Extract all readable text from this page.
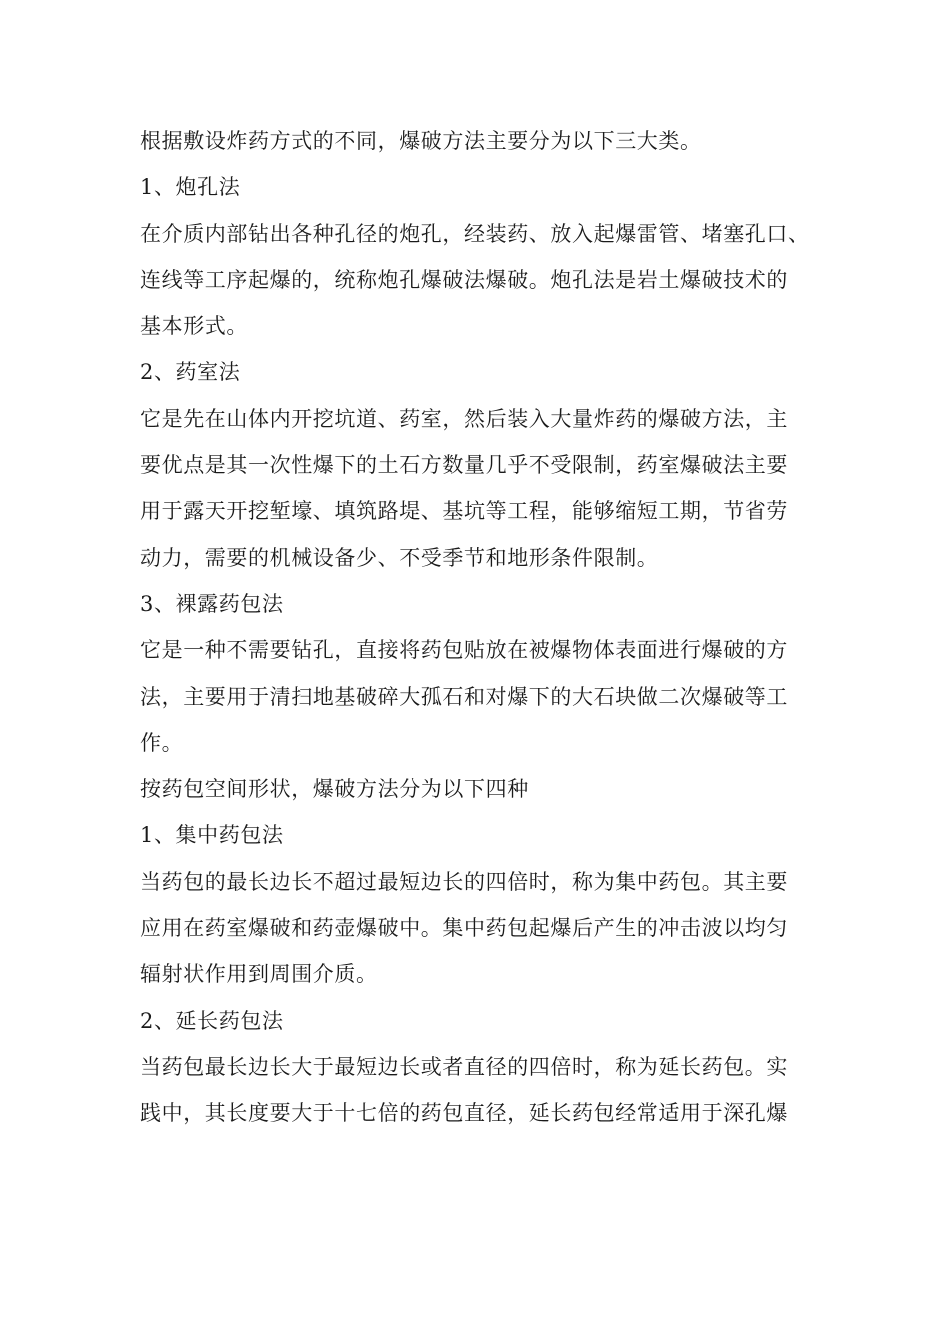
根据敷设炸药方式的不同，爆破方法主要分为以下三大类。

1、炮孔法

在介质内部钻出各种孔径的炮孔，经装药、放入起爆雷管、堵塞孔口、
连线等工序起爆的，统称炮孔爆破法爆破。炮孔法是岩土爆破技术的
基本形式。

2、药室法

它是先在山体内开挖坑道、药室，然后装入大量炸药的爆破方法，主
要优点是其一次性爆下的土石方数量几乎不受限制，药室爆破法主要
用于露天开挖堑壕、填筑路堤、基坑等工程，能够缩短工期，节省劳
动力，需要的机械设备少、不受季节和地形条件限制。

3、裸露药包法

它是一种不需要钻孔，直接将药包贴放在被爆物体表面进行爆破的方
法，主要用于清扫地基破碎大孤石和对爆下的大石块做二次爆破等工
作。

按药包空间形状，爆破方法分为以下四种

1、集中药包法

当药包的最长边长不超过最短边长的四倍时，称为集中药包。其主要
应用在药室爆破和药壶爆破中。集中药包起爆后产生的冲击波以均匀
辐射状作用到周围介质。

2、延长药包法

当药包最长边长大于最短边长或者直径的四倍时，称为延长药包。实
践中，其长度要大于十七倍的药包直径，延长药包经常适用于深孔爆
